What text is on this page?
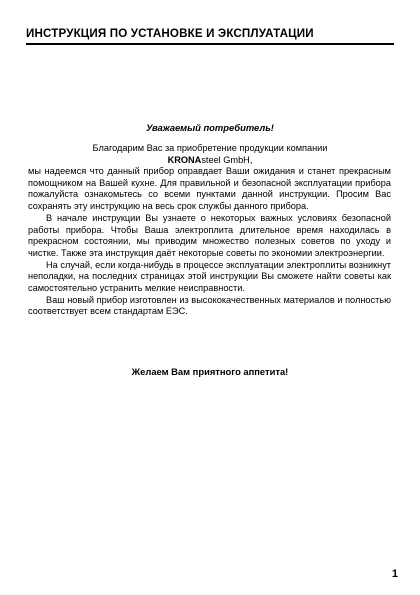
ИНСТРУКЦИЯ ПО УСТАНОВКЕ И ЭКСПЛУАТАЦИИ
Уважаемый потребитель!
Благодарим Вас за приобретение продукции компании
KRONAsteel GmbH,

мы надеемся что данный прибор оправдает Ваши ожидания и станет прекрасным помощником на Вашей кухне. Для правильной и безопасной эксплуатации прибора пожалуйста ознакомьтесь со всеми пунктами данной инструкции. Просим Вас сохранять эту инструкцию на весь срок службы данного прибора.

В начале инструкции Вы узнаете о некоторых важных условиях безопасной работы прибора. Чтобы Ваша электроплита длительное время находилась в прекрасном состоянии, мы приводим множество полезных советов по уходу и чистке. Также эта инструкция даёт некоторые советы по экономии электроэнергии.

На случай, если когда-нибудь в процессе эксплуатации электроплиты возникнут неполадки, на последних страницах этой инструкции Вы сможете найти советы как самостоятельно устранить мелкие неисправности.

Ваш новый прибор изготовлен из высококачественных материалов и полностью соответствует всем стандартам ЕЭС.

Желаем Вам приятного аппетита!
1
